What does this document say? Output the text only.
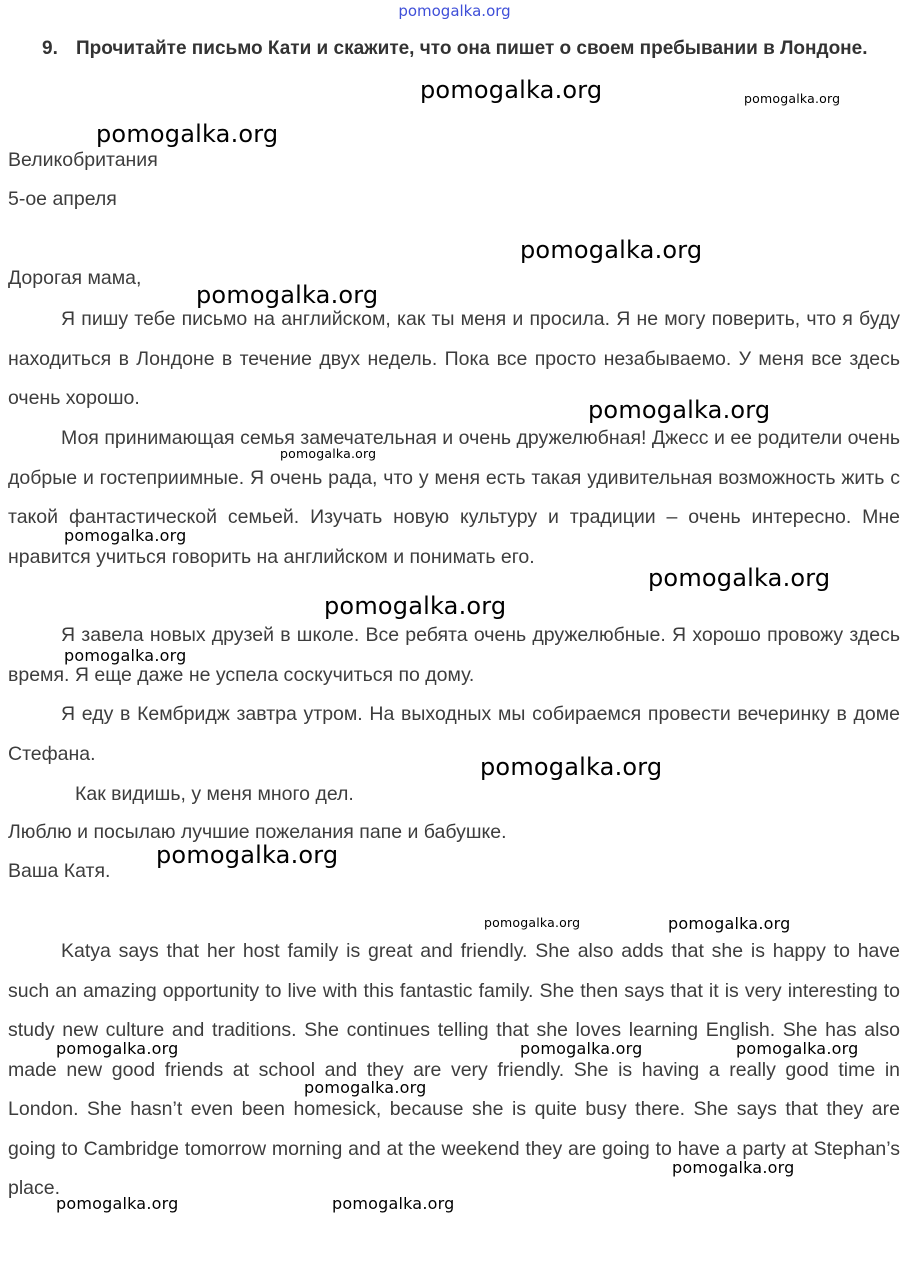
pomogalka.org
9. Прочитайте письмо Кати и скажите, что она пишет о своем пребывании в Лондоне.
Великобритания
5-ое апреля
Дорогая мама,

Я пишу тебе письмо на английском, как ты меня и просила. Я не могу поверить, что я буду находиться в Лондоне в течение двух недель. Пока все просто незабываемо. У меня все здесь очень хорошо.

Моя принимающая семья замечательная и очень дружелюбная! Джесс и ее родители очень добрые и гостеприимные. Я очень рада, что у меня есть такая удивительная возможность жить с такой фантастической семьей. Изучать новую культуру и традиции – очень интересно. Мне нравится учиться говорить на английском и понимать его.

Я завела новых друзей в школе. Все ребята очень дружелюбные. Я хорошо провожу здесь время. Я еще даже не успела соскучиться по дому.

Я еду в Кембридж завтра утром. На выходных мы собираемся провести вечеринку в доме Стефана.

Как видишь, у меня много дел.
Люблю и посылаю лучшие пожелания папе и бабушке.
Ваша Катя.

Katya says that her host family is great and friendly. She also adds that she is happy to have such an amazing opportunity to live with this fantastic family. She then says that it is very interesting to study new culture and traditions. She continues telling that she loves learning English. She has also made new good friends at school and they are very friendly. She is having a really good time in London. She hasn’t even been homesick, because she is quite busy there. She says that they are going to Cambridge tomorrow morning and at the weekend they are going to have a party at Stephan’s place.

pomogalka.org	pomogalka.org
pomogalka.org
pomogalka.org
pomogalka.org
pomogalka.org
pomogalka.org
pomogalka.org
pomogalka.org
pomogalka.org
pomogalka.org
pomogalka.org
pomogalka.org
pomogalka.org	pomogalka.org
pomogalka.org	pomogalka.org	pomogalka.org
pomogalka.org
pomogalka.org
pomogalka.org	pomogalka.org
